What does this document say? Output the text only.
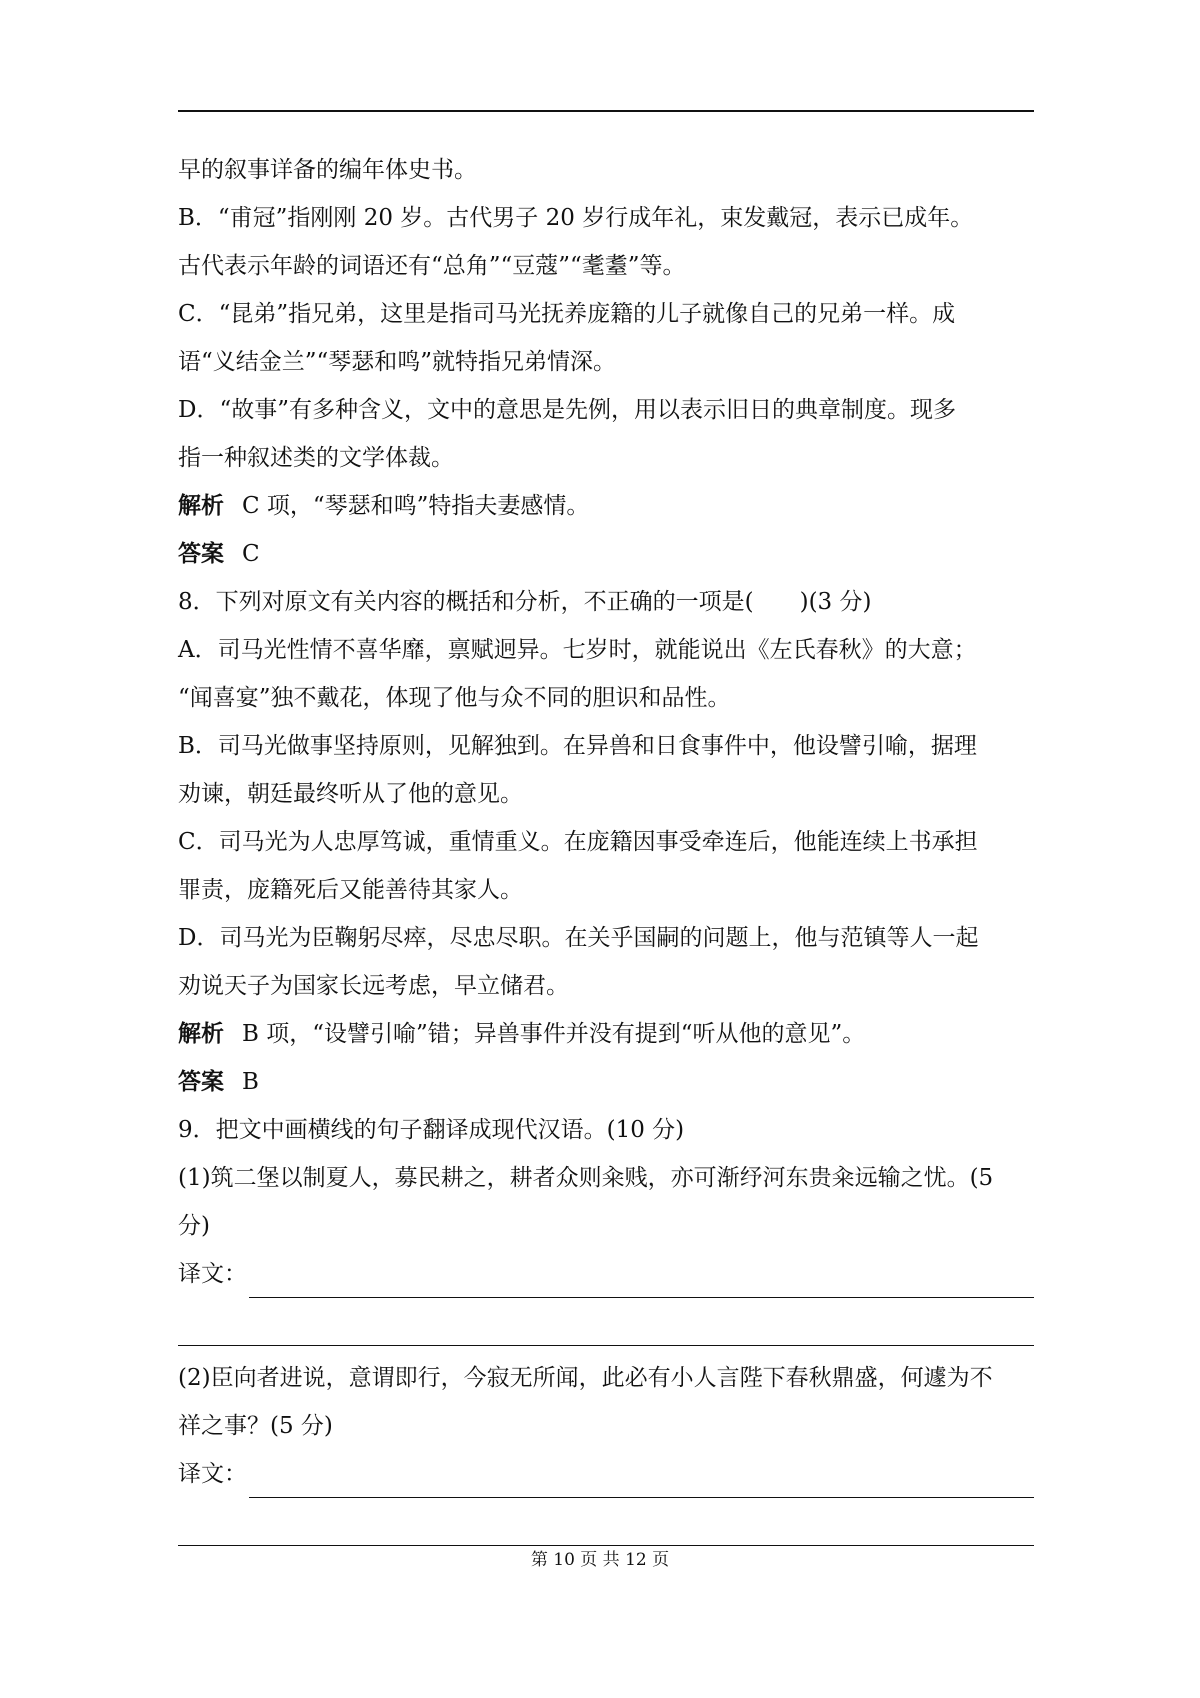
早的叙事详备的编年体史书。
B．“甫冠”指刚刚 20 岁。古代男子 20 岁行成年礼，束发戴冠，表示已成年。
古代表示年龄的词语还有“总角”“豆蔻”“耄耋”等。
C．“昆弟”指兄弟，这里是指司马光抚养庞籍的儿子就像自己的兄弟一样。成
语“义结金兰”“琴瑟和鸣”就特指兄弟情深。
D．“故事”有多种含义，文中的意思是先例，用以表示旧日的典章制度。现多
指一种叙述类的文学体裁。
解析 C 项，“琴瑟和鸣”特指夫妻感情。
答案 C
8．下列对原文有关内容的概括和分析，不正确的一项是(　　)(3 分)
A．司马光性情不喜华靡，禀赋迥异。七岁时，就能说出《左氏春秋》的大意；
“闻喜宴”独不戴花，体现了他与众不同的胆识和品性。
B．司马光做事坚持原则，见解独到。在异兽和日食事件中，他设譬引喻，据理
劝谏，朝廷最终听从了他的意见。
C．司马光为人忠厚笃诚，重情重义。在庞籍因事受牵连后，他能连续上书承担
罪责，庞籍死后又能善待其家人。
D．司马光为臣鞠躬尽瘁，尽忠尽职。在关乎国嗣的问题上，他与范镇等人一起
劝说天子为国家长远考虑，早立储君。
解析 B 项，“设譬引喻”错；异兽事件并没有提到“听从他的意见”。
答案 B
9．把文中画横线的句子翻译成现代汉语。(10 分)
(1)筑二堡以制夏人，募民耕之，耕者众则籴贱，亦可渐纾河东贵籴远输之忧。(5
分)
译文：
(2)臣向者进说，意谓即行，今寂无所闻，此必有小人言陛下春秋鼎盛，何遽为不
祥之事？(5 分)
译文：
第 10 页 共 12 页
